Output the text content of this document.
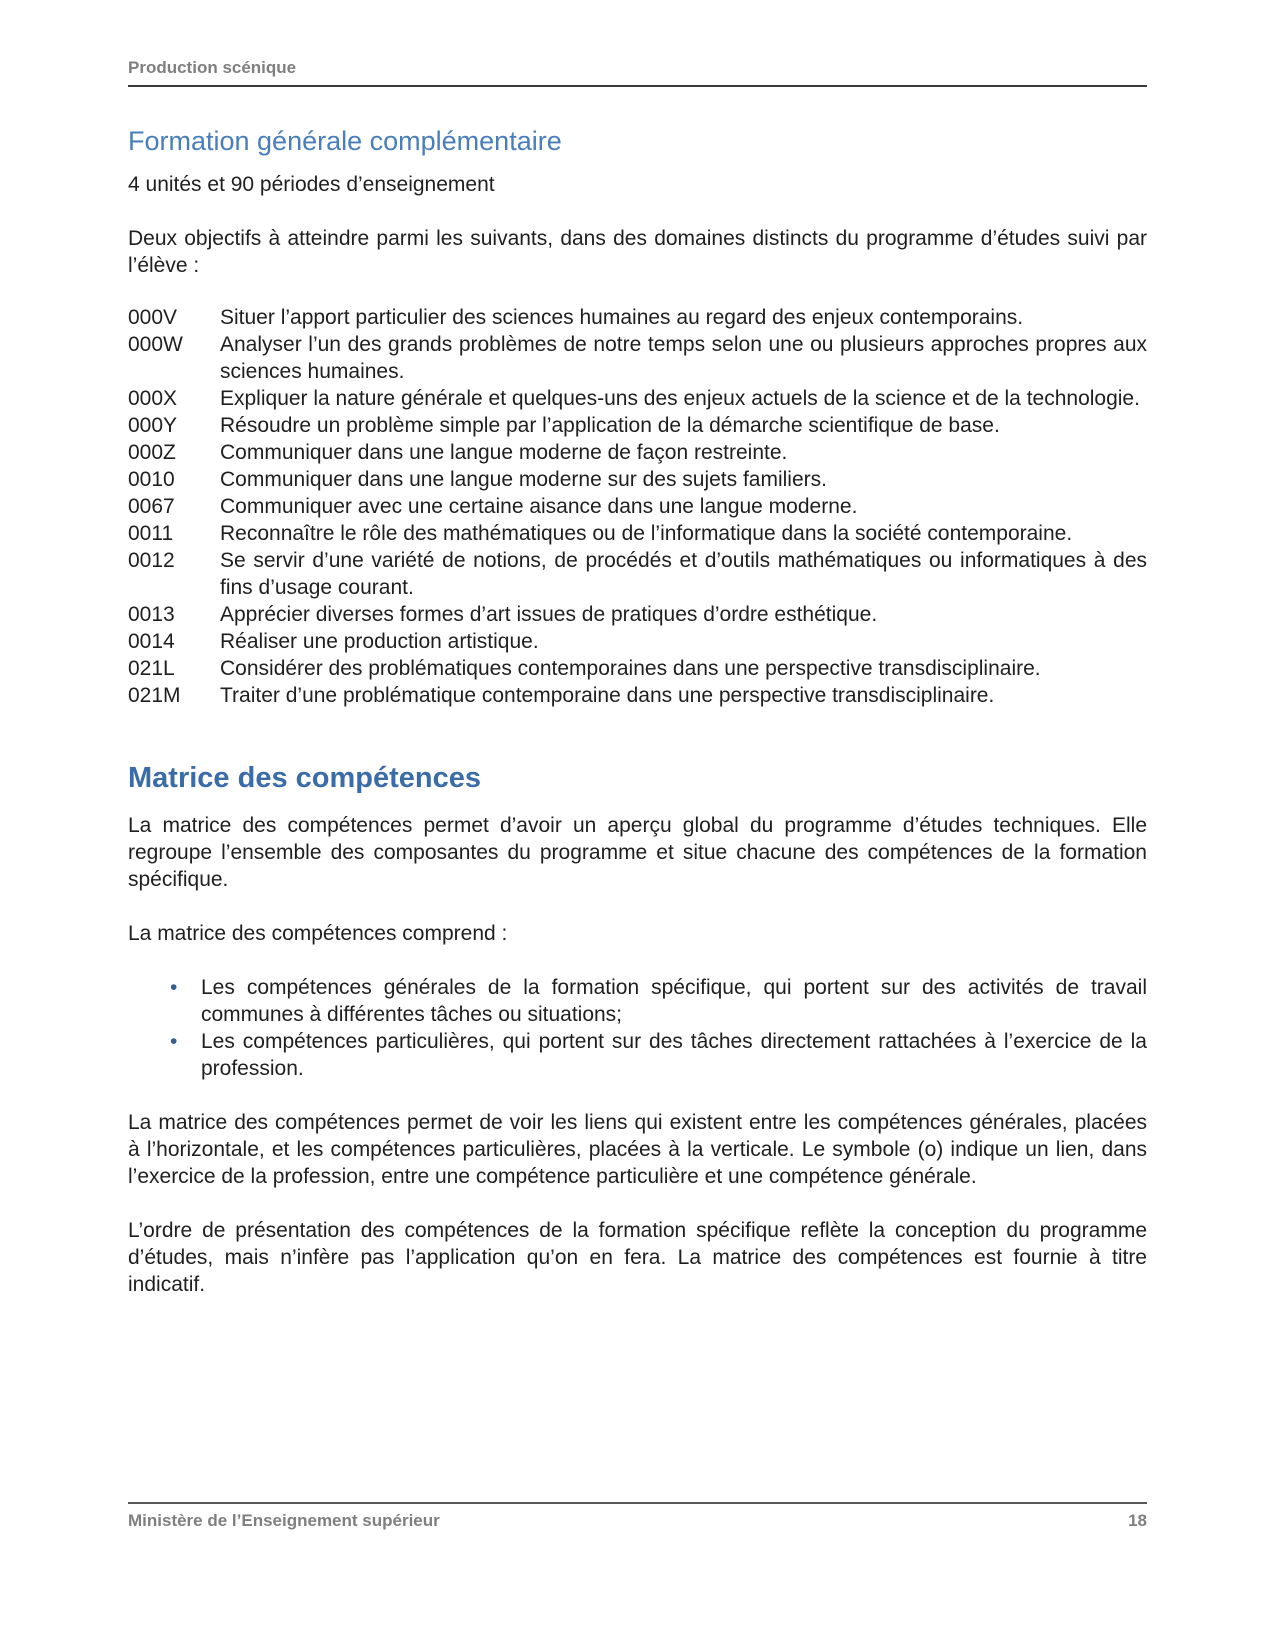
Production scénique
Formation générale complémentaire
4 unités et 90 périodes d’enseignement

Deux objectifs à atteindre parmi les suivants, dans des domaines distincts du programme d’études suivi par l’élève :

000V	Situer l’apport particulier des sciences humaines au regard des enjeux contemporains.
000W	Analyser l’un des grands problèmes de notre temps selon une ou plusieurs approches propres aux sciences humaines.
000X	Expliquer la nature générale et quelques-uns des enjeux actuels de la science et de la technologie.
000Y	Résoudre un problème simple par l’application de la démarche scientifique de base.
000Z	Communiquer dans une langue moderne de façon restreinte.
0010	Communiquer dans une langue moderne sur des sujets familiers.
0067	Communiquer avec une certaine aisance dans une langue moderne.
0011	Reconnaître le rôle des mathématiques ou de l’informatique dans la société contemporaine.
0012	Se servir d’une variété de notions, de procédés et d’outils mathématiques ou informatiques à des fins d’usage courant.
0013	Apprécier diverses formes d’art issues de pratiques d’ordre esthétique.
0014	Réaliser une production artistique.
021L	Considérer des problématiques contemporaines dans une perspective transdisciplinaire.
021M	Traiter d’une problématique contemporaine dans une perspective transdisciplinaire.
Matrice des compétences

La matrice des compétences permet d’avoir un aperçu global du programme d’études techniques. Elle regroupe l’ensemble des composantes du programme et situe chacune des compétences de la formation spécifique.

La matrice des compétences comprend :

• Les compétences générales de la formation spécifique, qui portent sur des activités de travail communes à différentes tâches ou situations;
• Les compétences particulières, qui portent sur des tâches directement rattachées à l’exercice de la profession.

La matrice des compétences permet de voir les liens qui existent entre les compétences générales, placées à l’horizontale, et les compétences particulières, placées à la verticale. Le symbole (o) indique un lien, dans l’exercice de la profession, entre une compétence particulière et une compétence générale.

L’ordre de présentation des compétences de la formation spécifique reflète la conception du programme d’études, mais n’infère pas l’application qu’on en fera. La matrice des compétences est fournie à titre indicatif.

Ministère de l’Enseignement supérieur	18
